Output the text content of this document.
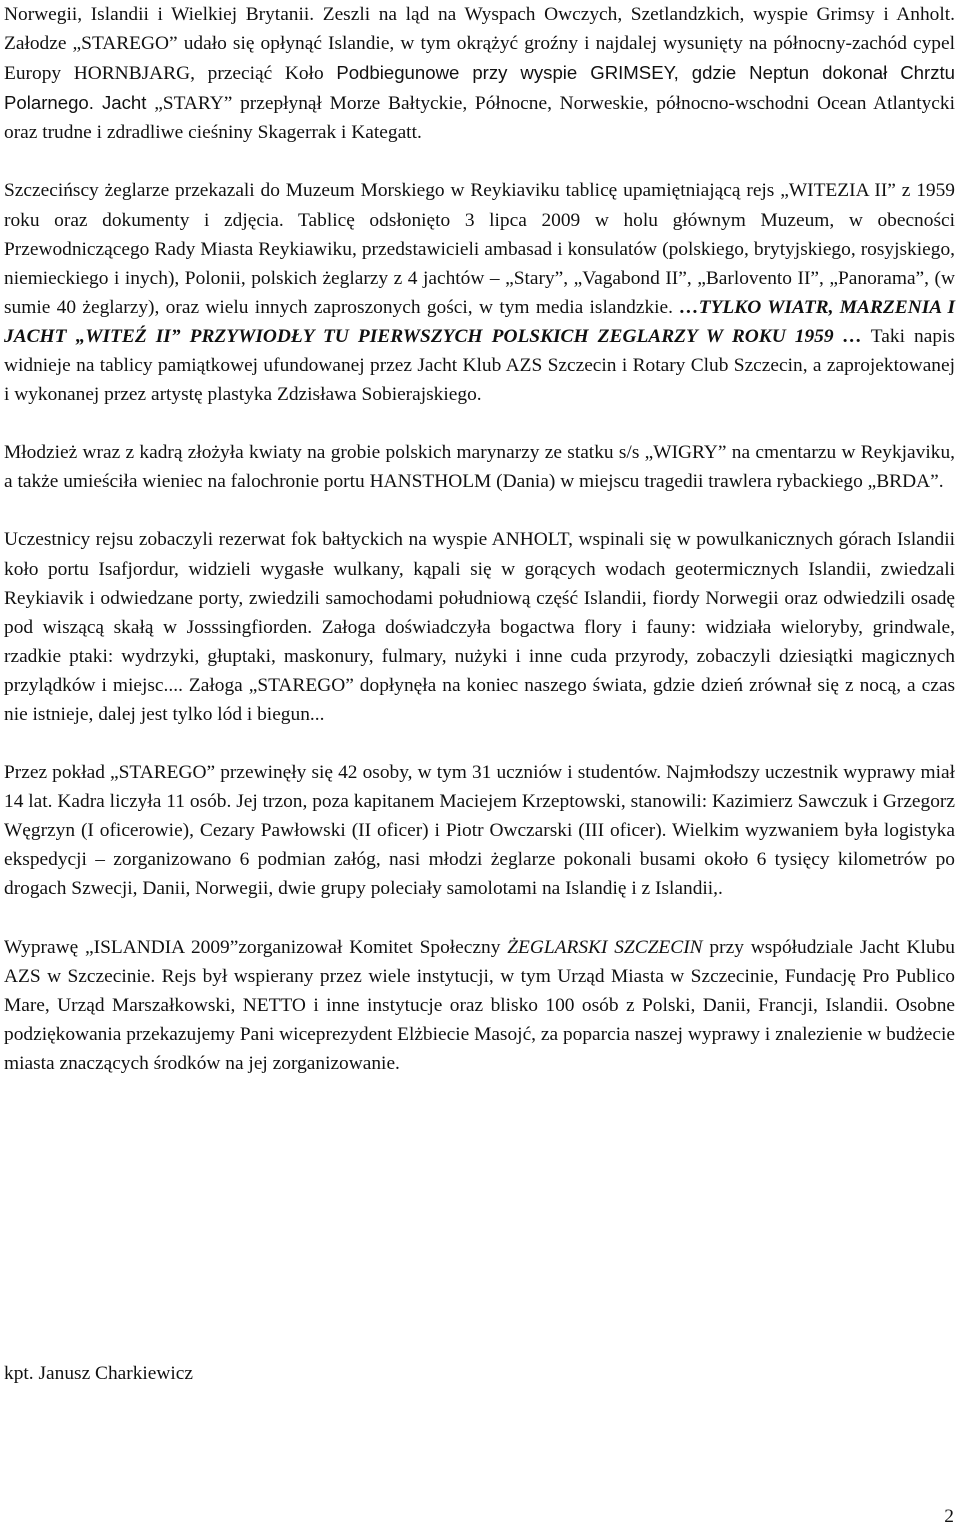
Norwegii, Islandii i Wielkiej Brytanii. Zeszli na ląd na Wyspach Owczych, Szetlandzkich, wyspie Grimsy i Anholt. Załodze „STAREGO” udało się opłynąć Islandie, w tym okrążyć groźny i najdalej wysunięty na północny-zachód cypel Europy HORNBJARG, przeciąć Koło Podbiegunowe przy wyspie GRIMSEY, gdzie Neptun dokonał Chrztu Polarnego. Jacht „STARY” przepłynął Morze Bałtyckie, Północne, Norweskie, północno-wschodni Ocean Atlantycki oraz trudne i zdradliwe cieśniny Skagerrak i Kategatt.

Szczecińscy żeglarze przekazali do Muzeum Morskiego w Reykiaviku tablicę upamiętniającą rejs „WITEZIA II” z 1959 roku oraz dokumenty i zdjęcia. Tablicę odsłonięto 3 lipca 2009 w holu głównym Muzeum, w obecności Przewodniczącego Rady Miasta Reykiawiku, przedstawicieli ambasad i konsulatów (polskiego, brytyjskiego, rosyjskiego, niemieckiego i inych), Polonii, polskich żeglarzy z 4 jachtów – „Stary”, „Vagabond II”, „Barlovento II”, „Panorama”, (w sumie 40 żeglarzy), oraz wielu innych zaproszonych gości, w tym media islandzkie. …TYLKO WIATR, MARZENIA I JACHT „WITEŹ II” PRZYWIODŁY TU PIERWSZYCH POLSKICH ZEGLARZY W ROKU 1959 … Taki napis widnieje na tablicy pamiątkowej ufundowanej przez Jacht Klub AZS Szczecin i Rotary Club Szczecin, a zaprojektowanej i wykonanej przez artystę plastyka Zdzisława Sobierajskiego.

Młodzież wraz z kadrą złożyła kwiaty na grobie polskich marynarzy ze statku s/s „WIGRY” na cmentarzu w Reykjaviku, a także umieściła wieniec na falochronie portu HANSTHOLM (Dania) w miejscu tragedii trawlera rybackiego „BRDA”.

Uczestnicy rejsu zobaczyli rezerwat fok bałtyckich na wyspie ANHOLT, wspinali się w powulkanicznych górach Islandii koło portu Isafjordur, widzieli wygasłe wulkany, kąpali się w gorących wodach geotermicznych Islandii, zwiedzali Reykiavik i odwiedzane porty, zwiedzili samochodami południową część Islandii, fiordy Norwegii oraz odwiedzili osadę pod wiszącą skałą w Josssingfiorden. Załoga doświadczyła bogactwa flory i fauny: widziała wieloryby, grindwale, rzadkie ptaki: wydrzyki, głuptaki, maskonury, fulmary, nużyki i inne cuda przyrody, zobaczyli dziesiątki magicznych przylądków i miejsc.... Załoga „STAREGO” dopłynęła na koniec naszego świata, gdzie dzień zrównał się z nocą, a czas nie istnieje, dalej jest tylko lód i biegun...

Przez pokład „STAREGO” przewinęły się 42 osoby, w tym 31 uczniów i studentów. Najmłodszy uczestnik wyprawy miał 14 lat. Kadra liczyła 11 osób. Jej trzon, poza kapitanem Maciejem Krzeptowski, stanowili: Kazimierz Sawczuk i Grzegorz Węgrzyn (I oficerowie), Cezary Pawłowski (II oficer) i Piotr Owczarski (III oficer). Wielkim wyzwaniem była logistyka ekspedycji – zorganizowano 6 podmian załóg, nasi młodzi żeglarze pokonali busami około 6 tysięcy kilometrów po drogach Szwecji, Danii, Norwegii, dwie grupy poleciały samolotami na Islandię i z Islandii,.

Wyprawę „ISLANDIA 2009”zorganizował Komitet Społeczny ŻEGLARSKI SZCZECIN przy współudziale Jacht Klubu AZS w Szczecinie. Rejs był wspierany przez wiele instytucji, w tym Urząd Miasta w Szczecinie, Fundację Pro Publico Mare, Urząd Marszałkowski, NETTO i inne instytucje oraz blisko 100 osób z Polski, Danii, Francji, Islandii. Osobne podziękowania przekazujemy Pani wiceprezydent Elżbiecie Masojć, za poparcia naszej wyprawy i znalezienie w budżecie miasta znaczących środków na jej zorganizowanie.

kpt. Janusz Charkiewicz

2
